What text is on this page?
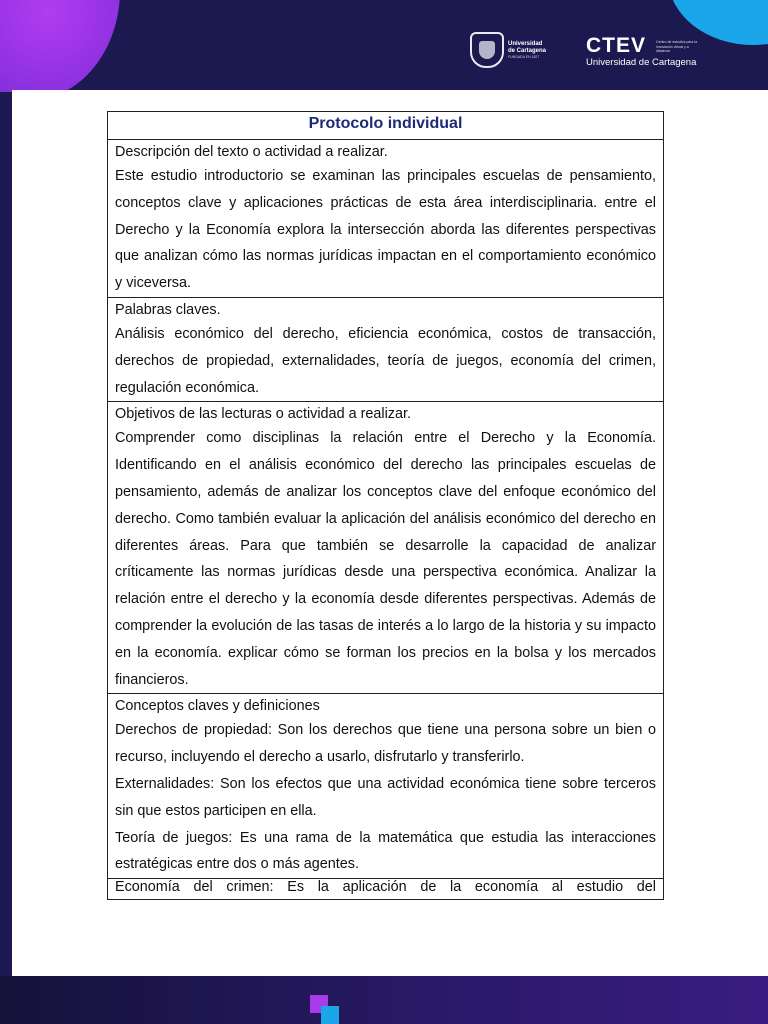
Universidad de Cartagena
FUNDADA EN 1827	CTEV	Centro de estudios para la innovación virtual y a distancia
Universidad de Cartagena
Protocolo individual

Descripción del texto o actividad a realizar.
Este estudio introductorio se examinan las principales escuelas de pensamiento, conceptos clave y aplicaciones prácticas de esta área interdisciplinaria. entre el Derecho y la Economía explora la intersección aborda las diferentes perspectivas que analizan cómo las normas jurídicas impactan en el comportamiento económico y viceversa.

Palabras claves.
Análisis económico del derecho, eficiencia económica, costos de transacción, derechos de propiedad, externalidades, teoría de juegos, economía del crimen, regulación económica.

Objetivos de las lecturas o actividad a realizar.
Comprender como disciplinas la relación entre el Derecho y la Economía. Identificando en el análisis económico del derecho las principales escuelas de pensamiento, además de analizar los conceptos clave del enfoque económico del derecho. Como también evaluar la aplicación del análisis económico del derecho en diferentes áreas. Para que también se desarrolle la capacidad de analizar críticamente las normas jurídicas desde una perspectiva económica. Analizar la relación entre el derecho y la economía desde diferentes perspectivas. Además de comprender la evolución de las tasas de interés a lo largo de la historia y su impacto en la economía. explicar cómo se forman los precios en la bolsa y los mercados financieros.

Conceptos claves y definiciones
Derechos de propiedad: Son los derechos que tiene una persona sobre un bien o recurso, incluyendo el derecho a usarlo, disfrutarlo y transferirlo.
Externalidades: Son los efectos que una actividad económica tiene sobre terceros sin que estos participen en ella.
Teoría de juegos: Es una rama de la matemática que estudia las interacciones estratégicas entre dos o más agentes.

Economía del crimen: Es la aplicación de la economía al estudio del
